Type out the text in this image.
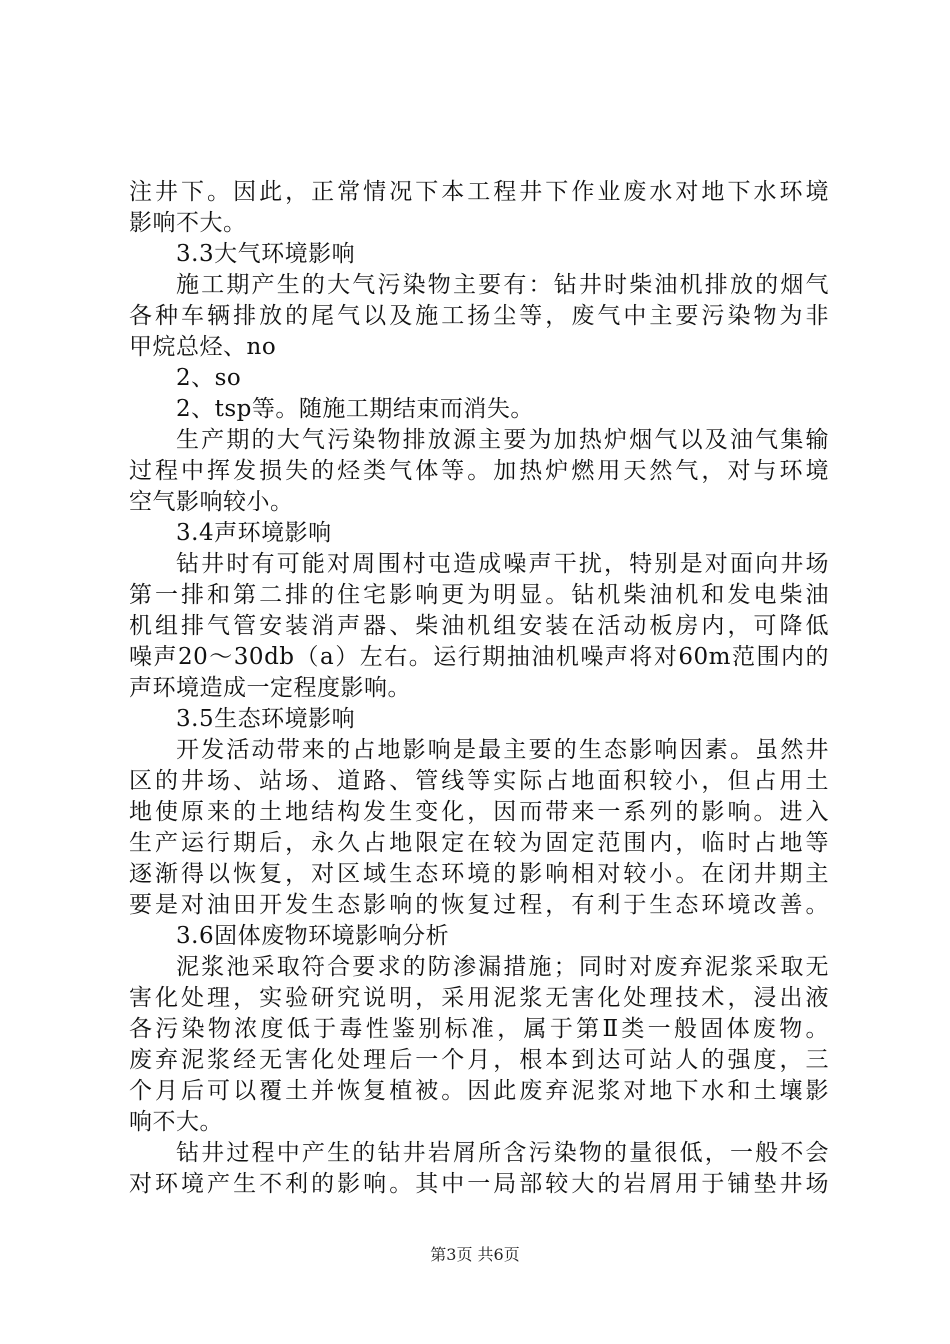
注井下。因此，正常情况下本工程井下作业废水对地下水环境
影响不大。
3.3大气环境影响
施工期产生的大气污染物主要有：钻井时柴油机排放的烟气
各种车辆排放的尾气以及施工扬尘等，废气中主要污染物为非
甲烷总烃、no
2、so
2、tsp等。随施工期结束而消失。
生产期的大气污染物排放源主要为加热炉烟气以及油气集输
过程中挥发损失的烃类气体等。加热炉燃用天然气，对与环境
空气影响较小。
3.4声环境影响
钻井时有可能对周围村屯造成噪声干扰，特别是对面向井场
第一排和第二排的住宅影响更为明显。钻机柴油机和发电柴油
机组排气管安装消声器、柴油机组安装在活动板房内，可降低
噪声20～30db（a）左右。运行期抽油机噪声将对60m范围内的
声环境造成一定程度影响。
3.5生态环境影响
开发活动带来的占地影响是最主要的生态影响因素。虽然井
区的井场、站场、道路、管线等实际占地面积较小，但占用土
地使原来的土地结构发生变化，因而带来一系列的影响。进入
生产运行期后，永久占地限定在较为固定范围内，临时占地等
逐渐得以恢复，对区域生态环境的影响相对较小。在闭井期主
要是对油田开发生态影响的恢复过程，有利于生态环境改善。
3.6固体废物环境影响分析
泥浆池采取符合要求的防渗漏措施；同时对废弃泥浆采取无
害化处理，实验研究说明，采用泥浆无害化处理技术，浸出液
各污染物浓度低于毒性鉴别标准，属于第Ⅱ类一般固体废物。
废弃泥浆经无害化处理后一个月，根本到达可站人的强度，三
个月后可以覆土并恢复植被。因此废弃泥浆对地下水和土壤影
响不大。
钻井过程中产生的钻井岩屑所含污染物的量很低，一般不会
对环境产生不利的影响。其中一局部较大的岩屑用于铺垫井场
第3页 共6页
